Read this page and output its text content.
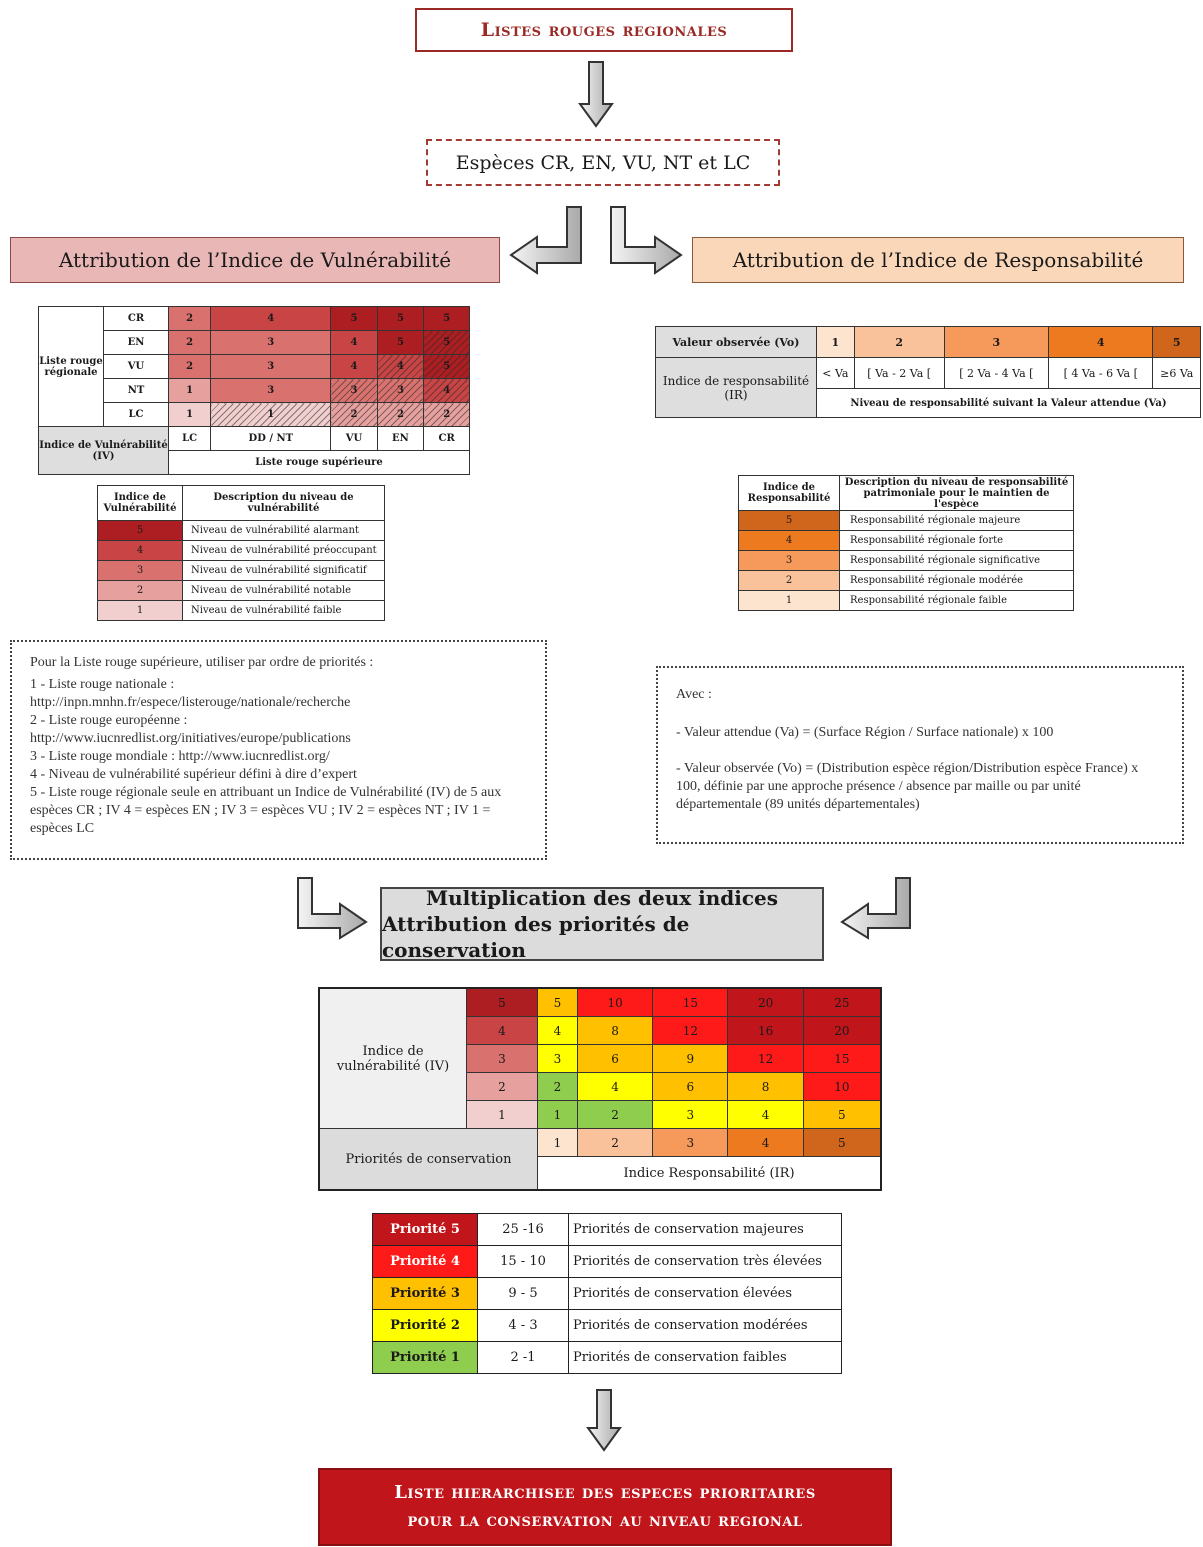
Listes rouges regionales
Espèces CR, EN, VU, NT et LC
Attribution de l’Indice de Vulnérabilité	Attribution de l’Indice de Responsabilité
Liste rouge régionale	CR	2	4	5	5	5
	EN	2	3	4	5	5
	VU	2	3	4	4	5
	NT	1	3	3	3	4
	LC	1	1	2	2	2
Indice de Vulnérabilité (IV)		LC	DD / NT	VU	EN	CR
		Liste rouge supérieure				
Indice de Vulnérabilité	Description du niveau de vulnérabilité
5	Niveau de vulnérabilité alarmant
4	Niveau de vulnérabilité préoccupant
3	Niveau de vulnérabilité significatif
2	Niveau de vulnérabilité notable
1	Niveau de vulnérabilité faible
Valeur observée (Vo)	1	2	3	4	5
Indice de responsabilité (IR)	< Va	[ Va - 2 Va [	[ 2 Va - 4 Va [	[ 4 Va - 6 Va [	≥6 Va
	Niveau de responsabilité suivant la Valeur attendue (Va)				
Indice de Responsabilité	Description du niveau de responsabilité patrimoniale pour le maintien de l'espèce
5	Responsabilité régionale majeure
4	Responsabilité régionale forte
3	Responsabilité régionale significative
2	Responsabilité régionale modérée
1	Responsabilité régionale faible
Pour la Liste rouge supérieure, utiliser par ordre de priorités :
1 - Liste rouge nationale :
http://inpn.mnhn.fr/espece/listerouge/nationale/recherche
2 - Liste rouge européenne :
http://www.iucnredlist.org/initiatives/europe/publications
3 - Liste rouge mondiale : http://www.iucnredlist.org/
4 - Niveau de vulnérabilité supérieur défini à dire d’expert
5 - Liste rouge régionale seule en attribuant un Indice de Vulnérabilité (IV) de 5 aux espèces CR ; IV 4 = espèces EN ; IV 3 = espèces VU ; IV 2 = espèces NT ; IV 1 = espèces LC
Avec :
- Valeur attendue (Va) = (Surface Région / Surface nationale) x 100
- Valeur observée (Vo) = (Distribution espèce région/Distribution espèce France) x 100, définie par une approche présence / absence par maille ou par unité départementale (89 unités départementales)
Multiplication des deux indices
Attribution des priorités de conservation
Indice de vulnérabilité (IV)	5	5	10	15	20	25
	4	4	8	12	16	20
	3	3	6	9	12	15
	2	2	4	6	8	10
	1	1	2	3	4	5
Priorités de conservation		1	2	3	4	5
		Indice Responsabilité (IR)				
Priorité 5	25 -16	Priorités de conservation majeures
Priorité 4	15 - 10	Priorités de conservation très élevées
Priorité 3	9 - 5	Priorités de conservation élevées
Priorité 2	4 - 3	Priorités de conservation modérées
Priorité 1	2 -1	Priorités de conservation faibles
Liste hierarchisee des especes prioritaires
pour la conservation au niveau regional
